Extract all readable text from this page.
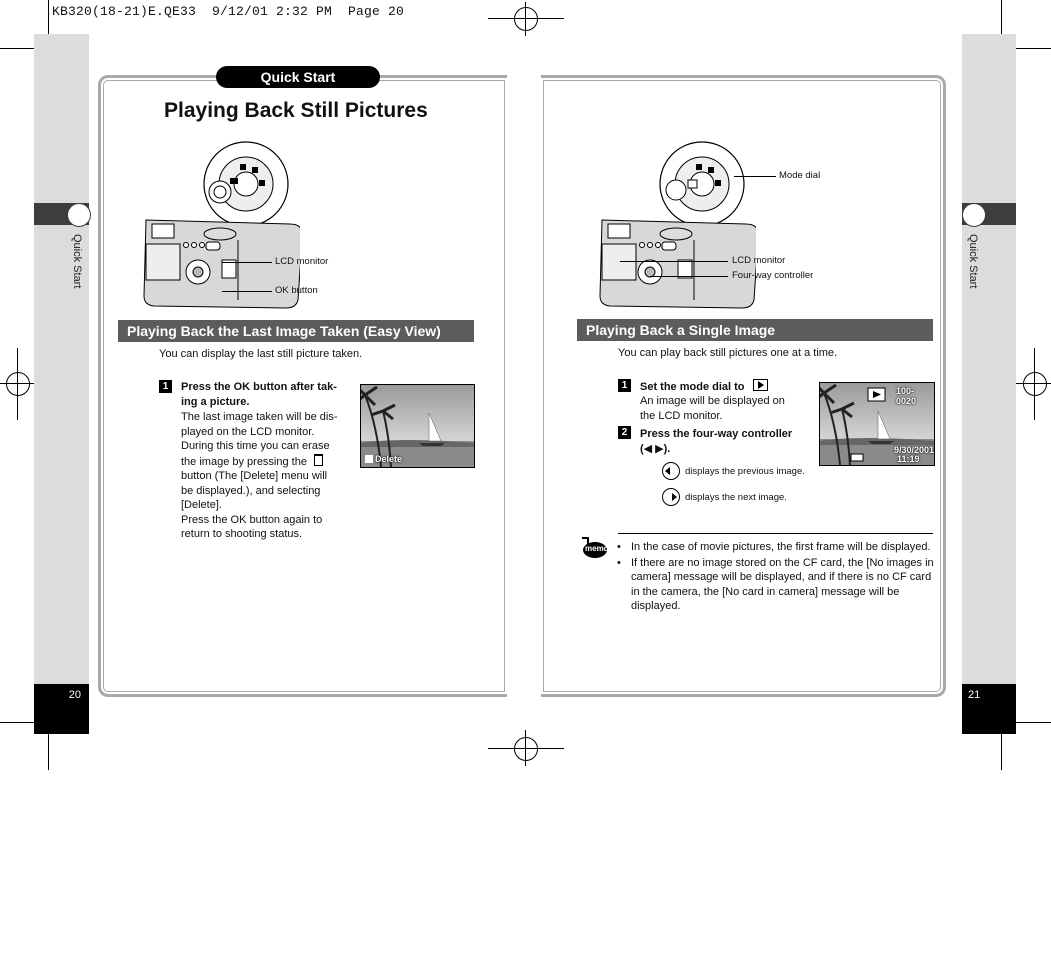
KB320(18-21)E.QE33  9/12/01 2:32 PM  Page 20
Quick Start
20
Quick Start
21
Quick Start
Playing Back Still Pictures
LCD monitor
OK button
Playing Back the Last Image Taken (Easy View)
You can display the last still picture taken.
1	Press the OK button after tak-
ing a picture.
The last image taken will be dis-
played on the LCD monitor.
During this time you can erase
the image by pressing the
button (The [Delete] menu will
be displayed.), and selecting
[Delete].
Press the OK button again to
return to shooting status.
Delete
Mode dial
LCD monitor
Four-way controller
Playing Back a Single Image
You can play back still pictures one at a time.
1	Set the mode dial to
An image will be displayed on
the LCD monitor.
2	Press the four-way controller
(◀ ▶).
displays the previous image.
displays the next image.
100-0020
9/30/2001
11:19
memo
•	In the case of movie pictures, the first frame will be displayed.
• If there are no image stored on the CF card, the [No images in camera] message will be displayed, and if there is no CF card in the camera, the [No card in camera] message will be displayed.
